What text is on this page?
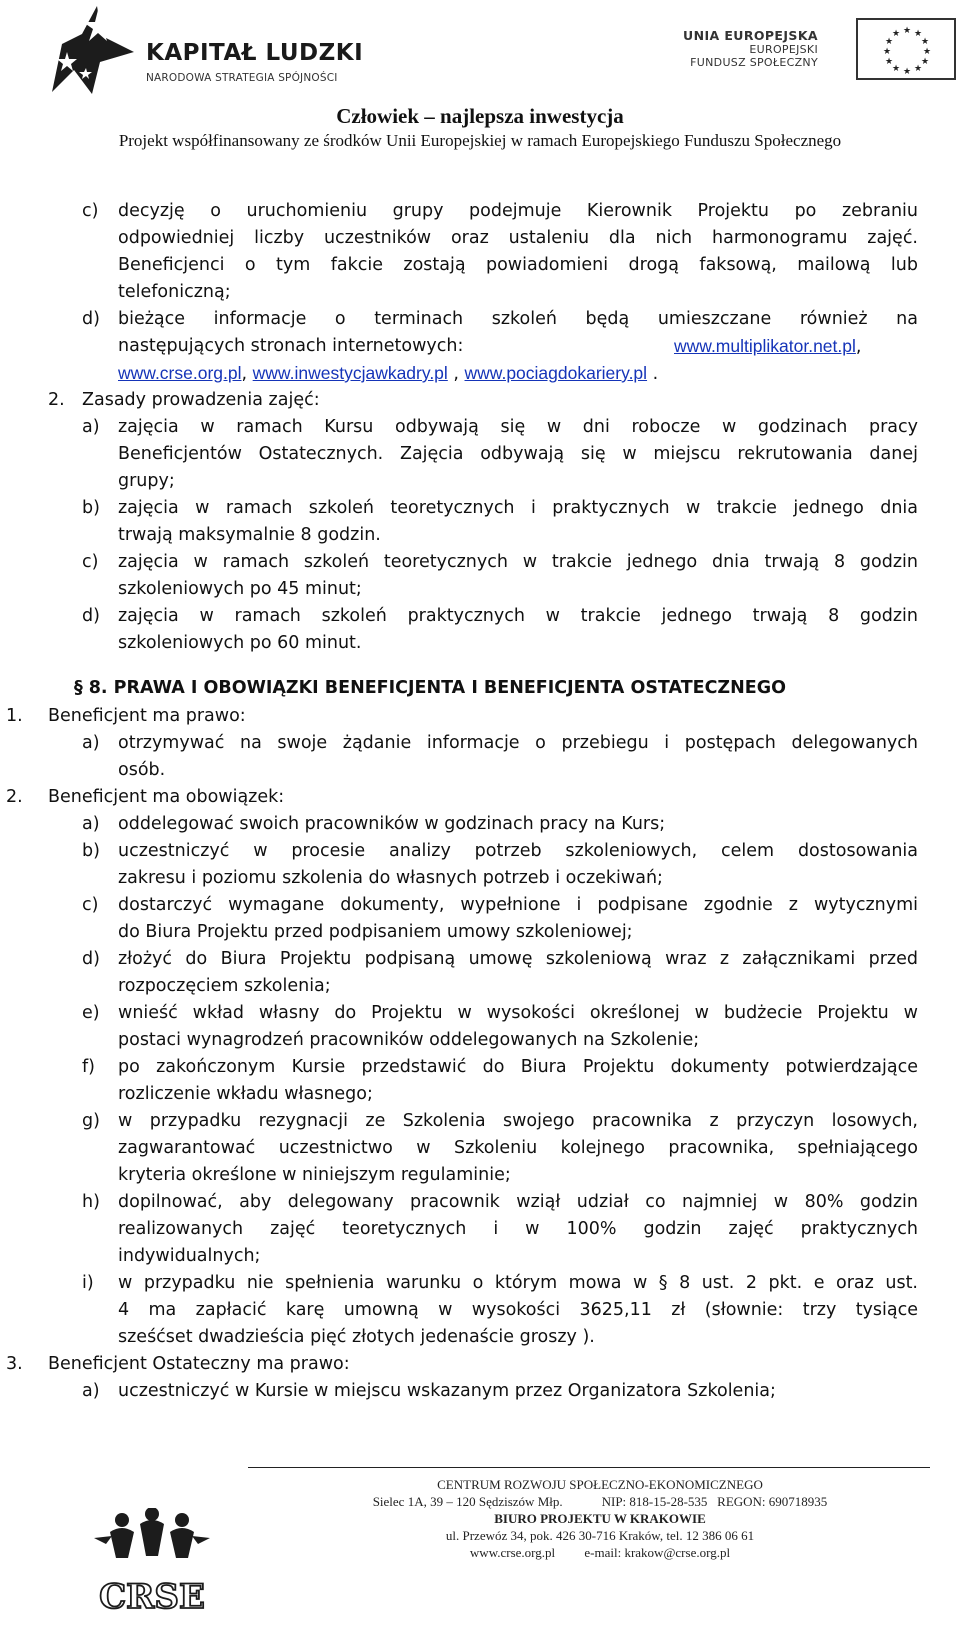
KAPITAŁ LUDZKI
NARODOWA STRATEGIA SPÓJNOŚCI
UNIA EUROPEJSKA
EUROPEJSKI
FUNDUSZ SPOŁECZNY
★ ★
★
★
★
★
★
★
★
★
★
★
Człowiek – najlepsza inwestycja
Projekt współfinansowany ze środków Unii Europejskiej w ramach Europejskiego Funduszu Społecznego
c) decyzję o uruchomieniu grupy podejmuje Kierownik Projektu po zebraniu
odpowiedniej liczby uczestników oraz ustaleniu dla nich harmonogramu zajęć.
Beneficjenci o tym fakcie zostają powiadomieni drogą faksową, mailową lub
telefoniczną;
d) bieżące informacje o terminach szkoleń będą umieszczane również na
następujących stronach internetowych:	www.multiplikator.net.pl,
www.crse.org.pl, www.inwestycjawkadry.pl , www.pociagdokariery.pl .
2. Zasady prowadzenia zajęć:
a) zajęcia w ramach Kursu odbywają się w dni robocze w godzinach pracy
Beneficjentów Ostatecznych. Zajęcia odbywają się w miejscu rekrutowania danej
grupy;
b) zajęcia w ramach szkoleń teoretycznych i praktycznych w trakcie jednego dnia
trwają maksymalnie 8 godzin.
c) zajęcia w ramach szkoleń teoretycznych w trakcie jednego dnia trwają 8 godzin
szkoleniowych po 45 minut;
d) zajęcia w ramach szkoleń praktycznych w trakcie jednego trwają 8 godzin
szkoleniowych po 60 minut.
§ 8. PRAWA I OBOWIĄZKI BENEFICJENTA I BENEFICJENTA OSTATECZNEGO
1. Beneficjent ma prawo:
a) otrzymywać na swoje żądanie informacje o przebiegu i postępach delegowanych
osób.
2. Beneficjent ma obowiązek:
a) oddelegować swoich pracowników w godzinach pracy na Kurs;
b) uczestniczyć w procesie analizy potrzeb szkoleniowych, celem dostosowania
zakresu i poziomu szkolenia do własnych potrzeb i oczekiwań;
c) dostarczyć wymagane dokumenty, wypełnione i podpisane zgodnie z wytycznymi
do Biura Projektu przed podpisaniem umowy szkoleniowej;
d) złożyć do Biura Projektu podpisaną umowę szkoleniową wraz z załącznikami przed
rozpoczęciem szkolenia;
e) wnieść wkład własny do Projektu w wysokości określonej w budżecie Projektu w
postaci wynagrodzeń pracowników oddelegowanych na Szkolenie;
f) po zakończonym Kursie przedstawić do Biura Projektu dokumenty potwierdzające
rozliczenie wkładu własnego;
g) w przypadku rezygnacji ze Szkolenia swojego pracownika z przyczyn losowych,
zagwarantować uczestnictwo w Szkoleniu kolejnego pracownika, spełniającego
kryteria określone w niniejszym regulaminie;
h) dopilnować, aby delegowany pracownik wziął udział co najmniej w 80% godzin
realizowanych zajęć teoretycznych i w 100% godzin zajęć praktycznych
indywidualnych;
i) w przypadku nie spełnienia warunku o którym mowa w § 8 ust. 2 pkt. e oraz ust.
4 ma zapłacić karę umowną w wysokości 3625,11 zł (słownie: trzy tysiące
sześćset dwadzieścia pięć złotych jedenaście groszy ).
3. Beneficjent Ostateczny ma prawo:
a) uczestniczyć w Kursie w miejscu wskazanym przez Organizatora Szkolenia;
CRSE
CENTRUM ROZWOJU SPOŁECZNO-EKONOMICZNEGO
Sielec 1A, 39 – 120 Sędziszów Młp.	NIP: 818-15-28-535 REGON: 690718935
BIURO PROJEKTU W KRAKOWIE
ul. Przewóz 34, pok. 426 30-716 Kraków, tel. 12 386 06 61
www.crse.org.pl e-mail: krakow@crse.org.pl
